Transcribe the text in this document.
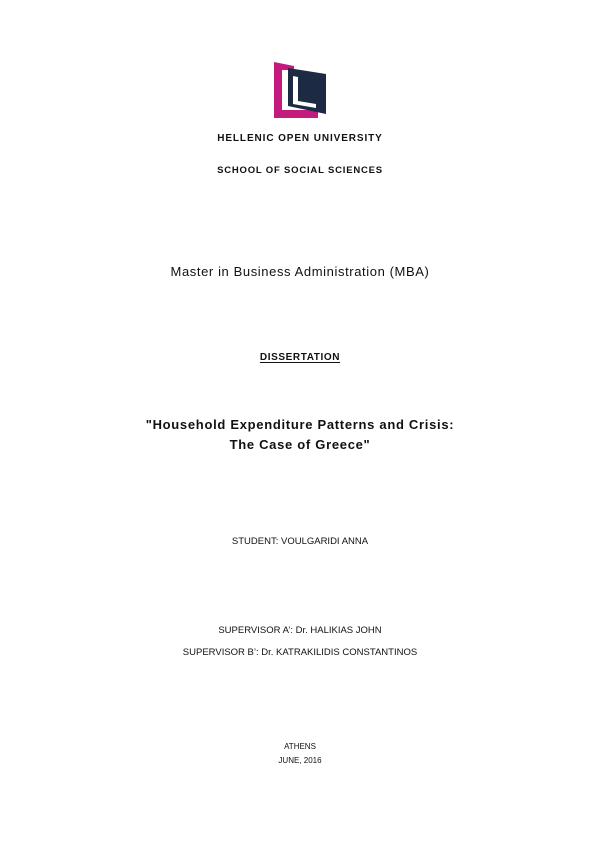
HELLENIC OPEN UNIVERSITY
SCHOOL OF SOCIAL SCIENCES
Master in Business Administration (MBA)
DISSERTATION
"Household Expenditure Patterns and Crisis:
The Case of Greece"
STUDENT: VOULGARIDI ANNA
SUPERVISOR A’: Dr. HALIKIAS JOHN
SUPERVISOR B’: Dr. KATRAKILIDIS CONSTANTINOS
ATHENS
JUNE, 2016
